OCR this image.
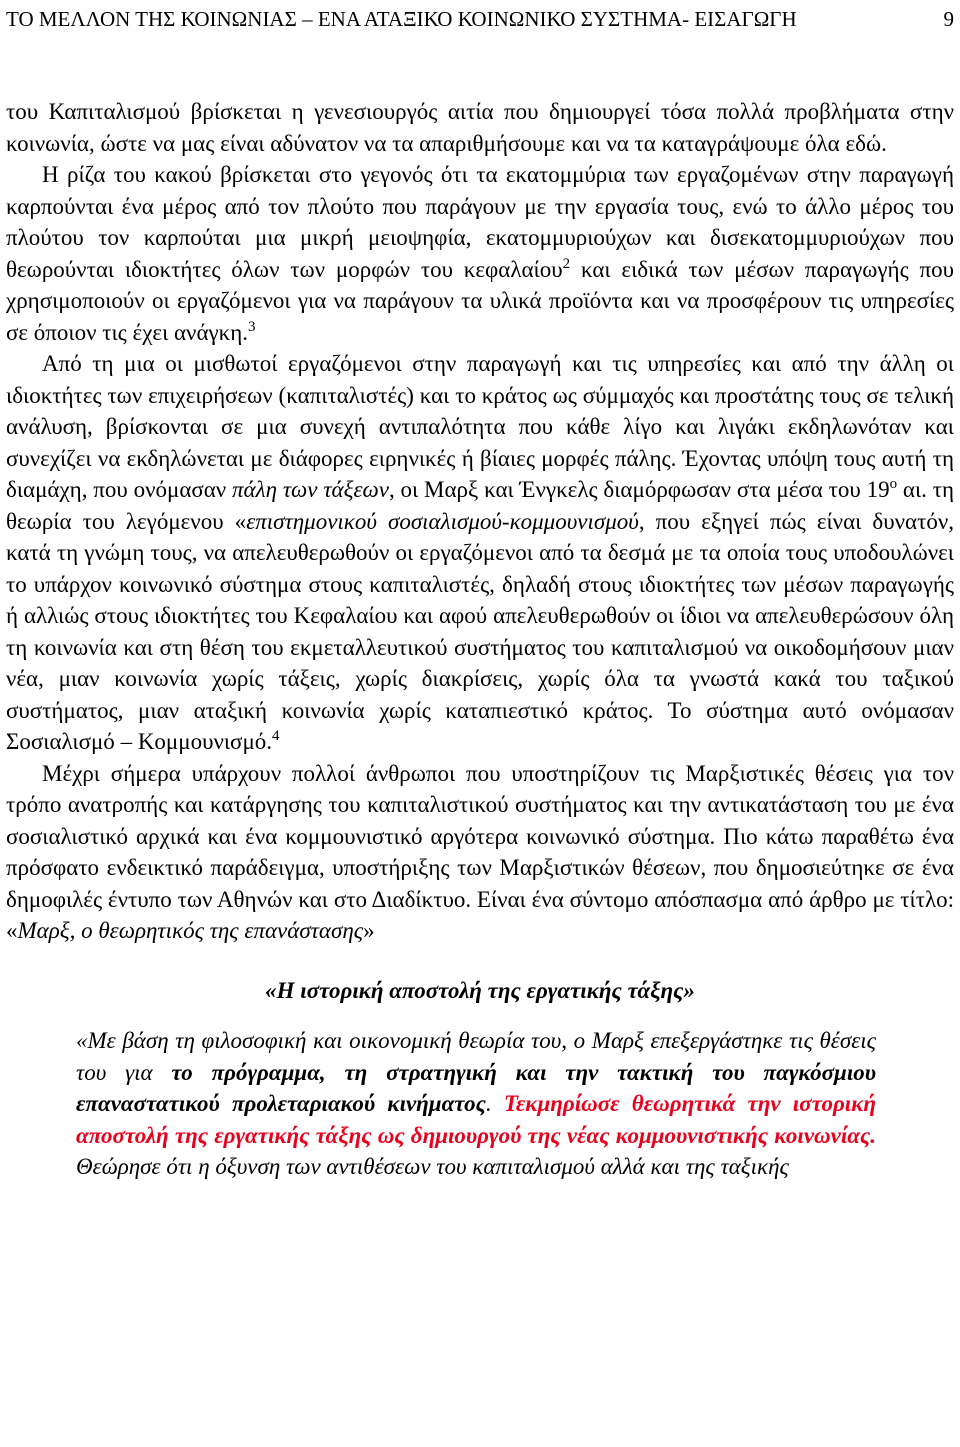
ΤΟ ΜΕΛΛΟΝ ΤΗΣ ΚΟΙΝΩΝΙΑΣ – ΕΝΑ ΑΤΑΞΙΚΟ ΚΟΙΝΩΝΙΚΟ ΣΥΣΤΗΜΑ- ΕΙΣΑΓΩΓΗ	9

του Καπιταλισμού βρίσκεται η γενεσιουργός αιτία που δημιουργεί τόσα πολλά προβλήματα στην κοινωνία, ώστε να μας είναι αδύνατον να τα απαριθμήσουμε και να τα καταγράψουμε όλα εδώ.

Η ρίζα του κακού βρίσκεται στο γεγονός ότι τα εκατομμύρια των εργαζομένων στην παραγωγή καρπούνται ένα μέρος από τον πλούτο που παράγουν με την εργασία τους, ενώ το άλλο μέρος του πλούτου τον καρπούται μια μικρή μειοψηφία, εκατομμυριούχων και δισεκατομμυριούχων που θεωρούνται ιδιοκτήτες όλων των μορφών του κεφαλαίου$^2$ και ειδικά των μέσων παραγωγής που χρησιμοποιούν οι εργαζόμενοι για να παράγουν τα υλικά προϊόντα και να προσφέρουν τις υπηρεσίες σε όποιον τις έχει ανάγκη.$^3$

Από τη μια οι μισθωτοί εργαζόμενοι στην παραγωγή και τις υπηρεσίες και από την άλλη οι ιδιοκτήτες των επιχειρήσεων (καπιταλιστές) και το κράτος ως σύμμαχός και προστάτης τους σε τελική ανάλυση, βρίσκονται σε μια συνεχή αντιπαλότητα που κάθε λίγο και λιγάκι εκδηλωνόταν και συνεχίζει να εκδηλώνεται με διάφορες ειρηνικές ή βίαιες μορφές πάλης. Έχοντας υπόψη τους αυτή τη διαμάχη, που ονόμασαν πάλη των τάξεων, οι Μαρξ και Ένγκελς διαμόρφωσαν στα μέσα του $19^o$ αι. τη θεωρία του λεγόμενου «επιστημονικού σοσιαλισμού-κομμουνισμού, που εξηγεί πώς είναι δυνατόν, κατά τη γνώμη τους, να απελευθερωθούν οι εργαζόμενοι από τα δεσμά με τα οποία τους υποδουλώνει το υπάρχον κοινωνικό σύστημα στους καπιταλιστές, δηλαδή στους ιδιοκτήτες των μέσων παραγωγής ή αλλιώς στους ιδιοκτήτες του Κεφαλαίου και αφού απελευθερωθούν οι ίδιοι να απελευθερώσουν όλη τη κοινωνία και στη θέση του εκμεταλλευτικού συστήματος του καπιταλισμού να οικοδομήσουν μιαν νέα, μιαν κοινωνία χωρίς τάξεις, χωρίς διακρίσεις, χωρίς όλα τα γνωστά κακά του ταξικού συστήματος, μιαν αταξική κοινωνία χωρίς καταπιεστικό κράτος. Το σύστημα αυτό ονόμασαν Σοσιαλισμό – Κομμουνισμό.$^4$

Μέχρι σήμερα υπάρχουν πολλοί άνθρωποι που υποστηρίζουν τις Μαρξιστικές θέσεις για τον τρόπο ανατροπής και κατάργησης του καπιταλιστικού συστήματος και την αντικατάσταση του με ένα σοσιαλιστικό αρχικά και ένα κομμουνιστικό αργότερα κοινωνικό σύστημα. Πιο κάτω παραθέτω ένα πρόσφατο ενδεικτικό παράδειγμα, υποστήριξης των Μαρξιστικών θέσεων, που δημοσιεύτηκε σε ένα δημοφιλές έντυπο των Αθηνών και στο Διαδίκτυο. Είναι ένα σύντομο απόσπασμα από άρθρο με τίτλο: «Μαρξ, ο θεωρητικός της επανάστασης»

«Η ιστορική αποστολή της εργατικής τάξης»

«Με βάση τη φιλοσοφική και οικονομική θεωρία του, ο Μαρξ επεξεργάστηκε τις θέσεις του για το πρόγραμμα, τη στρατηγική και την τακτική του παγκόσμιου επαναστατικού προλεταριακού κινήματος. Τεκμηρίωσε θεωρητικά την ιστορική αποστολή της εργατικής τάξης ως δημιουργού της νέας κομμουνιστικής κοινωνίας. Θεώρησε ότι η όξυνση των αντιθέσεων του καπιταλισμού αλλά και της ταξικής
